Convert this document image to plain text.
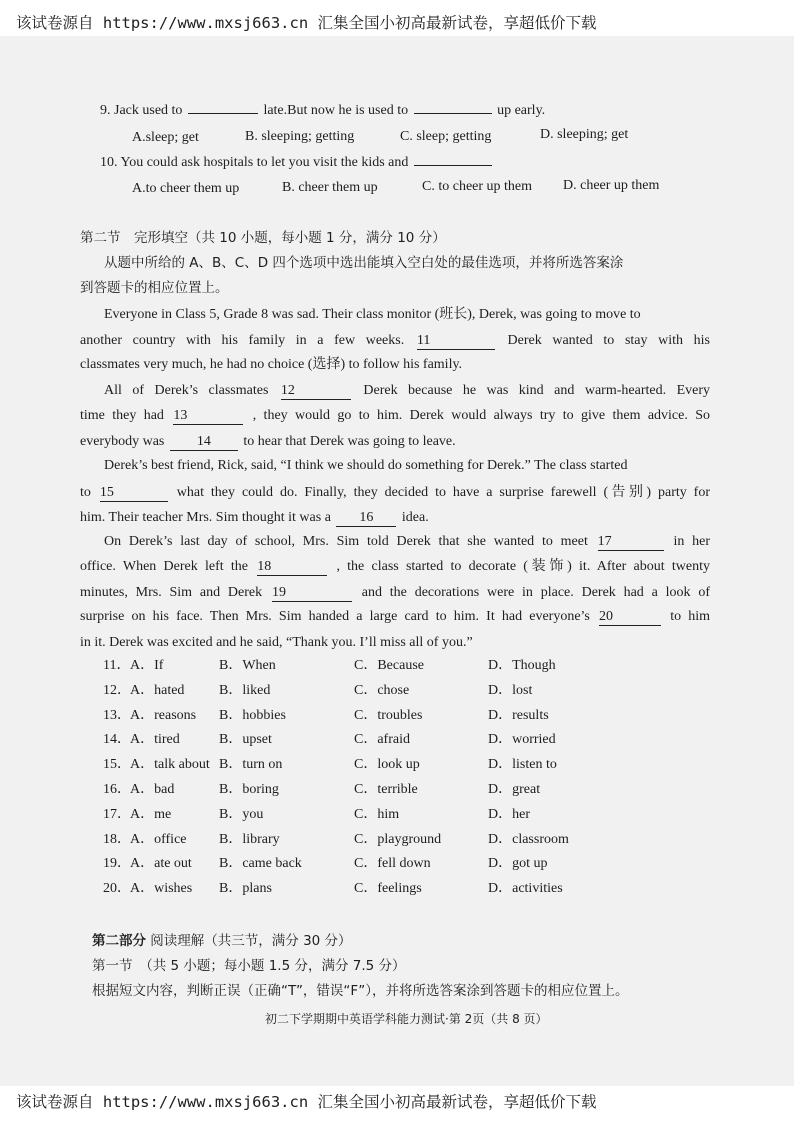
该试卷源自 https://www.mxsj663.cn 汇集全国小初高最新试卷，享超低价下载
9. Jack used to	late.But now he is used to	up early.
A.sleep; get	B. sleeping; getting	C. sleep; getting	D. sleeping; get
10. You could ask hospitals to let you visit the kids and
A.to cheer them up	B. cheer them up	C. to cheer up them D. cheer up them
第二节　完形填空（共 10 小题，每小题 1 分，满分 10 分）
从题中所给的 A、B、C、D 四个选项中选出能填入空白处的最佳选项，并将所选答案涂
到答题卡的相应位置上。
Everyone in Class 5, Grade 8 was sad. Their class monitor (班长), Derek, was going to move to
another country with his family in a few weeks. 11	Derek wanted to stay with his
classmates very much, he had no choice (选择) to follow his family.
All of Derek’s classmates 12	Derek because he was kind and warm-hearted. Every
time they had 13	, they would go to him. Derek would always try to give them advice. So
everybody was 14 to hear that Derek was going to leave.
Derek’s best friend, Rick, said, “I think we should do something for Derek.” The class started
to 15	what they could do. Finally, they decided to have a surprise farewell (告别) party for
him. Their teacher Mrs. Sim thought it was a 16 idea.
On Derek’s last day of school, Mrs. Sim told Derek that she wanted to meet 17	in her
office. When Derek left the 18	, the class started to decorate (装饰) it. After about twenty
minutes, Mrs. Sim and Derek 19	and the decorations were in place. Derek had a look of
surprise on his face. Then Mrs. Sim handed a large card to him. It had everyone’s 20	to him
in it. Derek was excited and he said, “Thank you. I’ll miss all of you.”
11． A．If	B．When	C．Because	D．Though
12． A．hated B．liked	C．chose	D．lost
13． A．reasons B．hobbies	C．troubles	D．results
14． A．tired	B．upset	C．afraid	D．worried
15． A．talk about B．turn on	C．look up	D．listen to
16． A．bad	B．boring	C．terrible	D．great
17． A．me	B．you	C．him	D．her
18． A．office B．library	C．playground	D．classroom
19． A．ate out B．came back	C．fell down	D．got up
20． A．wishes B．plans	C．feelings	D．activities
第二部分 阅读理解（共三节，满分 30 分）
第一节　（共 5 小题；每小题 1.5 分，满分 7.5 分）
根据短文内容，判断正误（正确“T”，错误“F”），并将所选答案涂到答题卡的相应位置上。
初二下学期期中英语学科能力测试·第 2页（共 8 页）
该试卷源自 https://www.mxsj663.cn 汇集全国小初高最新试卷，享超低价下载
